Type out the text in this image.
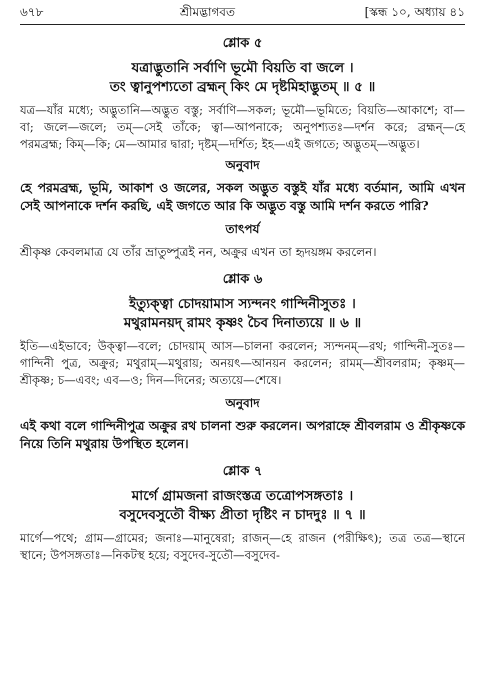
৬৭৮	শ্রীমদ্ভাগবত	[স্কন্ধ ১০, অধ্যায় ৪১
শ্লোক ৫
যত্রাদ্ভুতানি সর্বাণি ভূমৌ বিয়তি বা জলে ।
তং ত্বানুপশ্যতো ব্রহ্মন্ কিং মে দৃষ্টমিহাদ্ভুতম্ ॥ ৫ ॥
যত্র—যাঁর মধ্যে; অদ্ভুতানি—অদ্ভুত বস্তু; সর্বাণি—সকল; ভূমৌ—ভূমিতে; বিয়তি—আকাশে; বা—বা; জলে—জলে; তম্—সেই তাঁকে; ত্বা—আপনাকে; অনুপশ্যতঃ—দর্শন করে; ব্রহ্মন্—হে পরমব্রহ্ম; কিম্—কি; মে—আমার দ্বারা; দৃষ্টম্—দর্শিত; ইহ—এই জগতে; অদ্ভুতম্—অদ্ভুত।
অনুবাদ
হে পরমব্রহ্ম, ভূমি, আকাশ ও জলের, সকল অদ্ভুত বস্তুই যাঁর মধ্যে বর্তমান, আমি এখন সেই আপনাকে দর্শন করছি, এই জগতে আর কি অদ্ভুত বস্তু আমি দর্শন করতে পারি?
তাৎপর্য
শ্রীকৃষ্ণ কেবলমাত্র যে তাঁর ভ্রাতুষ্পুত্রই নন, অক্রুর এখন তা হৃদয়ঙ্গম করলেন।
শ্লোক ৬
ইত্যুক্ত্বা চোদয়ামাস স্যন্দনং গান্দিনীসুতঃ ।
মথুরামনয়দ্ রামং কৃষ্ণং চৈব দিনাত্যয়ে ॥ ৬ ॥
ইতি—এইভাবে; উক্ত্বা—বলে; চোদয়াম্ আস—চালনা করলেন; স্যন্দনম্—রথ; গান্দিনী-সুতঃ—গান্দিনী পুত্র, অক্রুর; মথুরাম্—মথুরায়; অনয়ৎ—আনয়ন করলেন; রামম্—শ্রীবলরাম; কৃষ্ণম্—শ্রীকৃষ্ণ; চ—এবং; এব—ও; দিন—দিনের; অত্যয়ে—শেষে।
অনুবাদ
এই কথা বলে গান্দিনীপুত্র অক্রুর রথ চালনা শুরু করলেন। অপরাহ্নে শ্রীবলরাম ও শ্রীকৃষ্ণকে নিয়ে তিনি মথুরায় উপস্থিত হলেন।
শ্লোক ৭
মার্গে গ্রামজনা রাজংস্তত্র তত্রোপসঙ্গতাঃ ।
বসুদেবসুতৌ বীক্ষ্য প্রীতা দৃষ্টিং ন চাদদুঃ ॥ ৭ ॥
মার্গে—পথে; গ্রাম—গ্রামের; জনাঃ—মানুষেরা; রাজন্—হে রাজন (পরীক্ষিৎ); তত্র তত্র—স্থানে স্থানে; উপসঙ্গতাঃ—নিকটস্থ হয়ে; বসুদেব-সুতৌ—বসুদেব-
